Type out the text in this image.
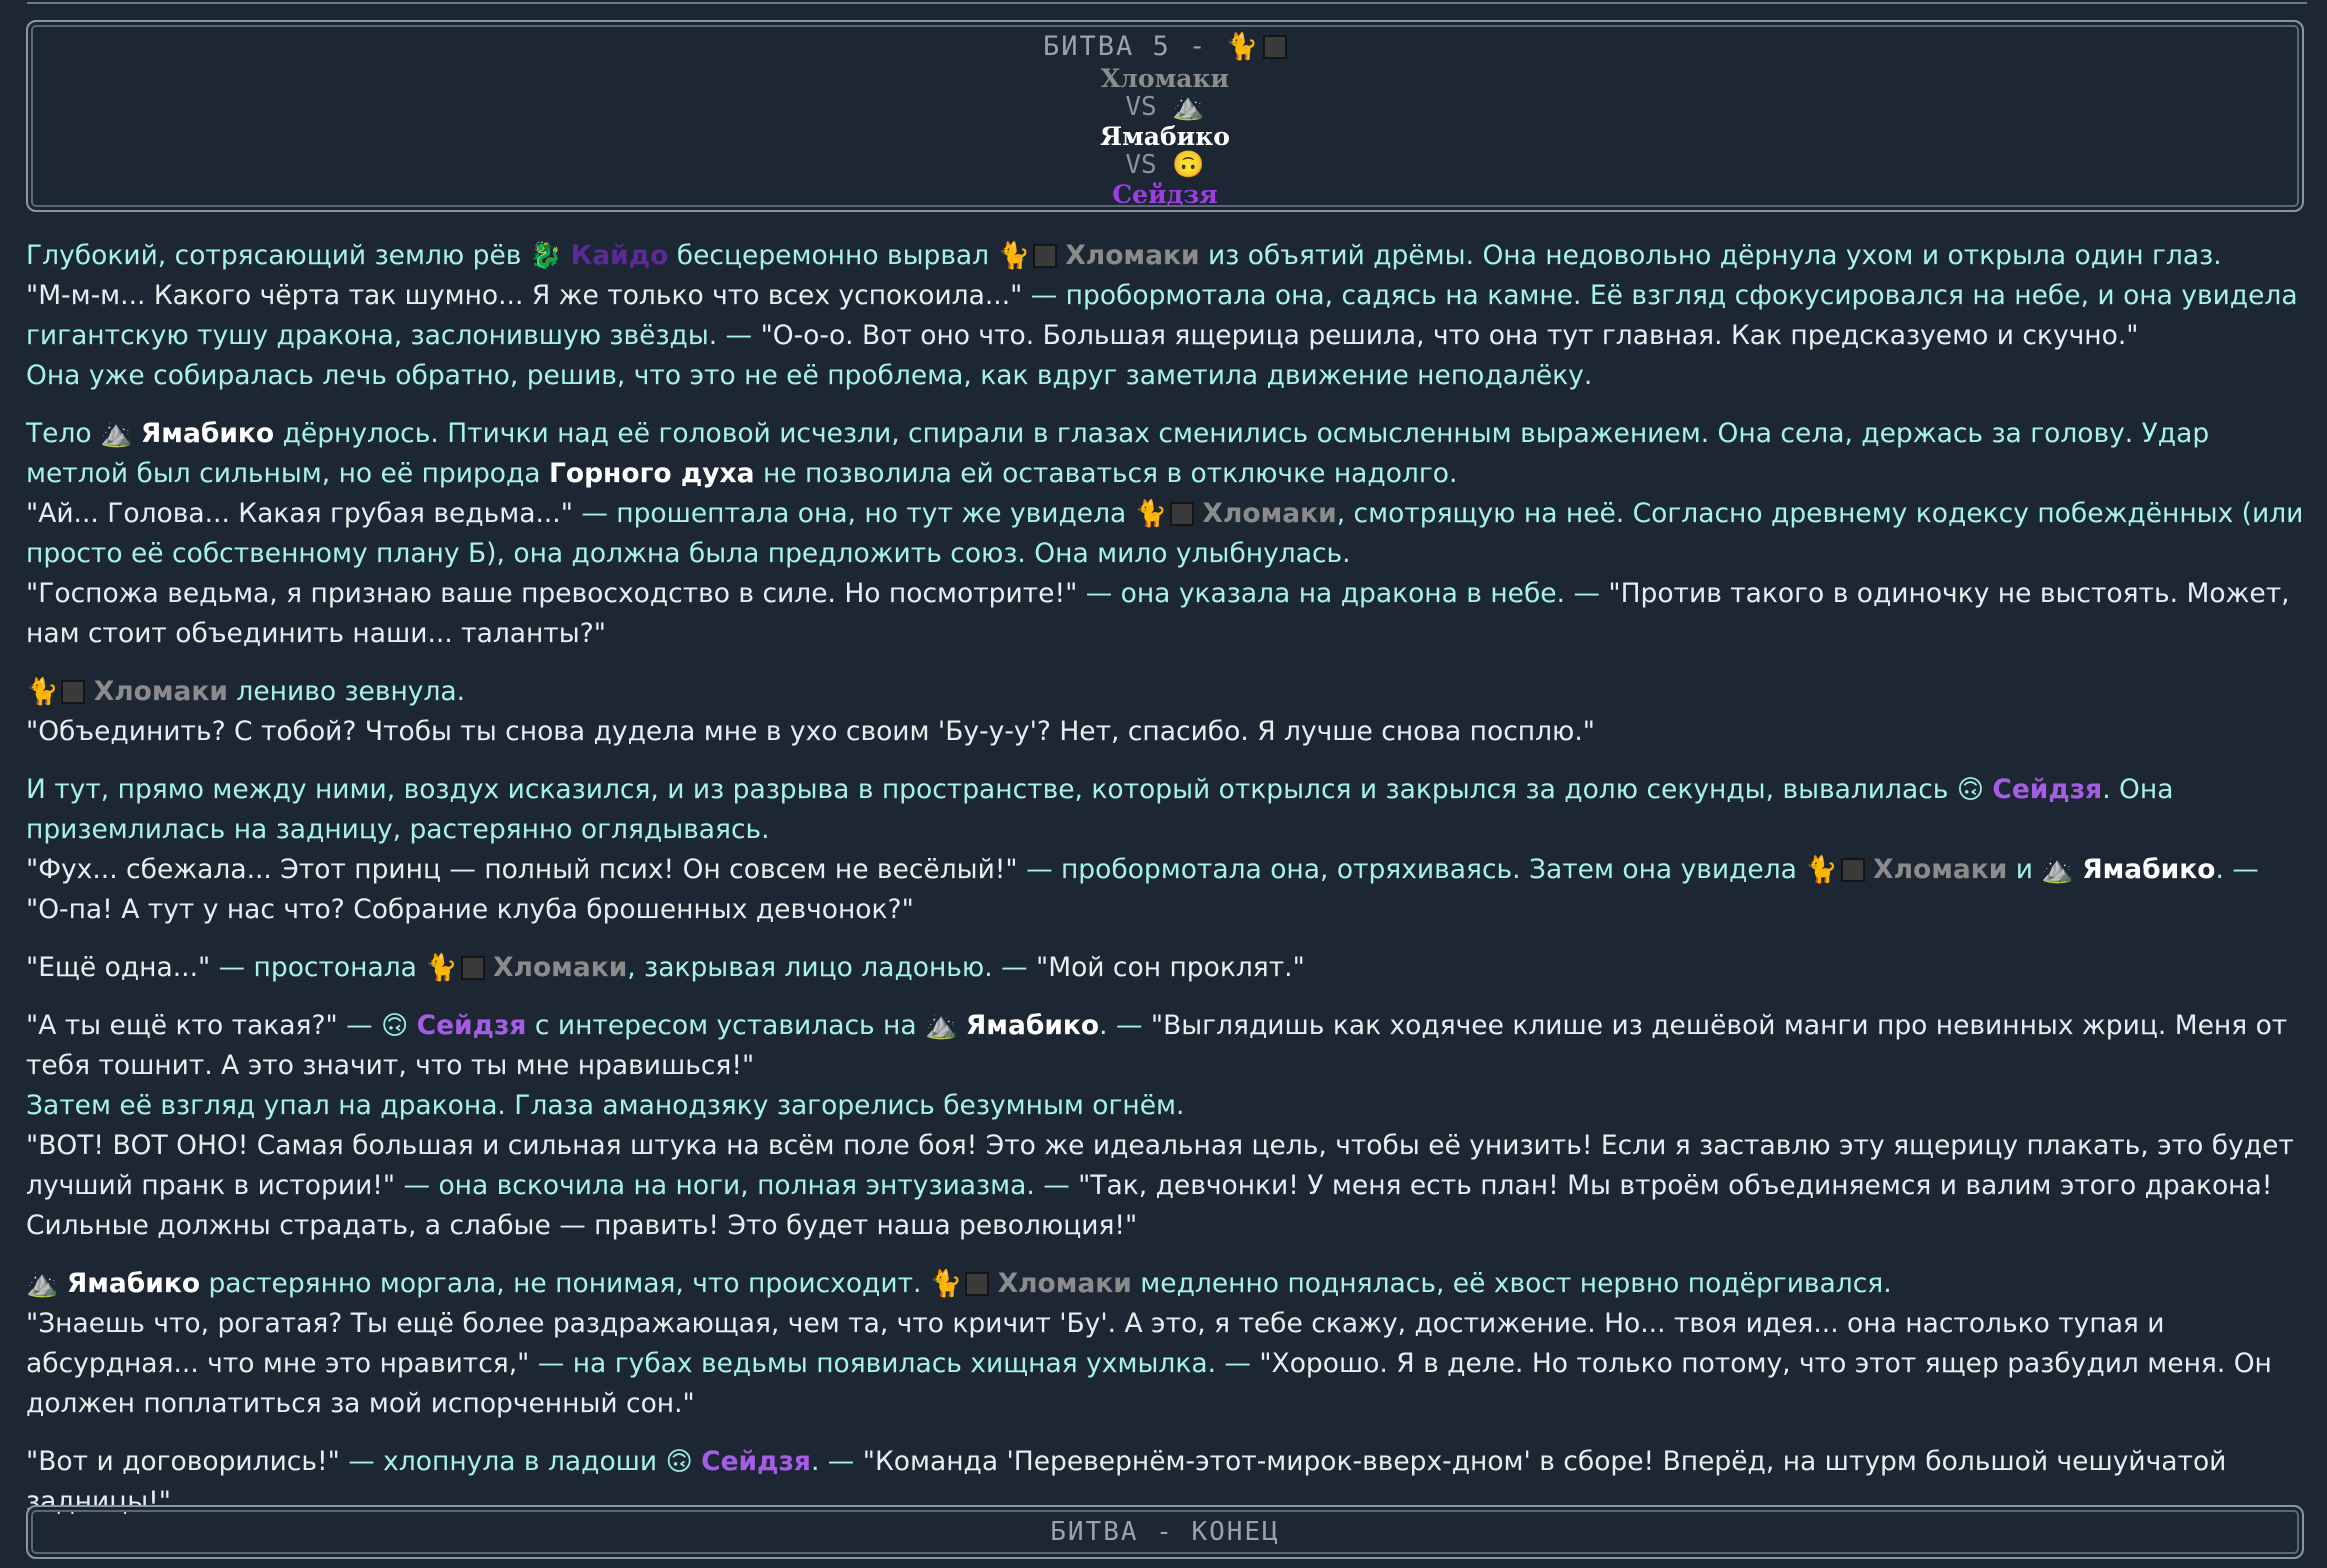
БИТВА 5 - 🐈
Хломаки
VS ⛰️
Ямабико
VS 🙃
Сейдзя

Глубокий, сотрясающий землю рёв 🐉 Кайдо бесцеремонно вырвал 🐈 Хломаки из объятий дрёмы. Она недовольно дёрнула ухом и открыла один глаз.
"М-м-м... Какого чёрта так шумно... Я же только что всех успокоила..." — пробормотала она, садясь на камне. Её взгляд сфокусировался на небе, и она увидела гигантскую тушу дракона, заслонившую звёзды. — "О-о-о. Вот оно что. Большая ящерица решила, что она тут главная. Как предсказуемо и скучно."
Она уже собиралась лечь обратно, решив, что это не её проблема, как вдруг заметила движение неподалёку.

Тело ⛰️ Ямабико дёрнулось. Птички над её головой исчезли, спирали в глазах сменились осмысленным выражением. Она села, держась за голову. Удар метлой был сильным, но её природа Горного духа не позволила ей оставаться в отключке надолго.
"Ай... Голова... Какая грубая ведьма..." — прошептала она, но тут же увидела 🐈 Хломаки, смотрящую на неё. Согласно древнему кодексу побеждённых (или просто её собственному плану Б), она должна была предложить союз. Она мило улыбнулась.
"Госпожа ведьма, я признаю ваше превосходство в силе. Но посмотрите!" — она указала на дракона в небе. — "Против такого в одиночку не выстоять. Может, нам стоит объединить наши... таланты?"

🐈 Хломаки лениво зевнула.
"Объединить? С тобой? Чтобы ты снова дудела мне в ухо своим 'Бу-у-у'? Нет, спасибо. Я лучше снова посплю."

И тут, прямо между ними, воздух исказился, и из разрыва в пространстве, который открылся и закрылся за долю секунды, вывалилась 🙃 Сейдзя. Она приземлилась на задницу, растерянно оглядываясь.
"Фух... сбежала... Этот принц — полный псих! Он совсем не весёлый!" — пробормотала она, отряхиваясь. Затем она увидела 🐈 Хломаки и ⛰️ Ямабико. — "О-па! А тут у нас что? Собрание клуба брошенных девчонок?"

"Ещё одна..." — простонала 🐈 Хломаки, закрывая лицо ладонью. — "Мой сон проклят."

"А ты ещё кто такая?" — 🙃 Сейдзя с интересом уставилась на ⛰️ Ямабико. — "Выглядишь как ходячее клише из дешёвой манги про невинных жриц. Меня от тебя тошнит. А это значит, что ты мне нравишься!"
Затем её взгляд упал на дракона. Глаза аманодзяку загорелись безумным огнём.
"ВОТ! ВОТ ОНО! Самая большая и сильная штука на всём поле боя! Это же идеальная цель, чтобы её унизить! Если я заставлю эту ящерицу плакать, это будет лучший пранк в истории!" — она вскочила на ноги, полная энтузиазма. — "Так, девчонки! У меня есть план! Мы втроём объединяемся и валим этого дракона! Сильные должны страдать, а слабые — править! Это будет наша революция!"

⛰️ Ямабико растерянно моргала, не понимая, что происходит. 🐈 Хломаки медленно поднялась, её хвост нервно подёргивался.
"Знаешь что, рогатая? Ты ещё более раздражающая, чем та, что кричит 'Бу'. А это, я тебе скажу, достижение. Но... твоя идея... она настолько тупая и абсурдная... что мне это нравится," — на губах ведьмы появилась хищная ухмылка. — "Хорошо. Я в деле. Но только потому, что этот ящер разбудил меня. Он должен поплатиться за мой испорченный сон."

"Вот и договорились!" — хлопнула в ладоши 🙃 Сейдзя. — "Команда 'Перевернём-этот-мирок-вверх-дном' в сборе! Вперёд, на штурм большой чешуйчатой задницы!"

БИТВА - КОНЕЦ
